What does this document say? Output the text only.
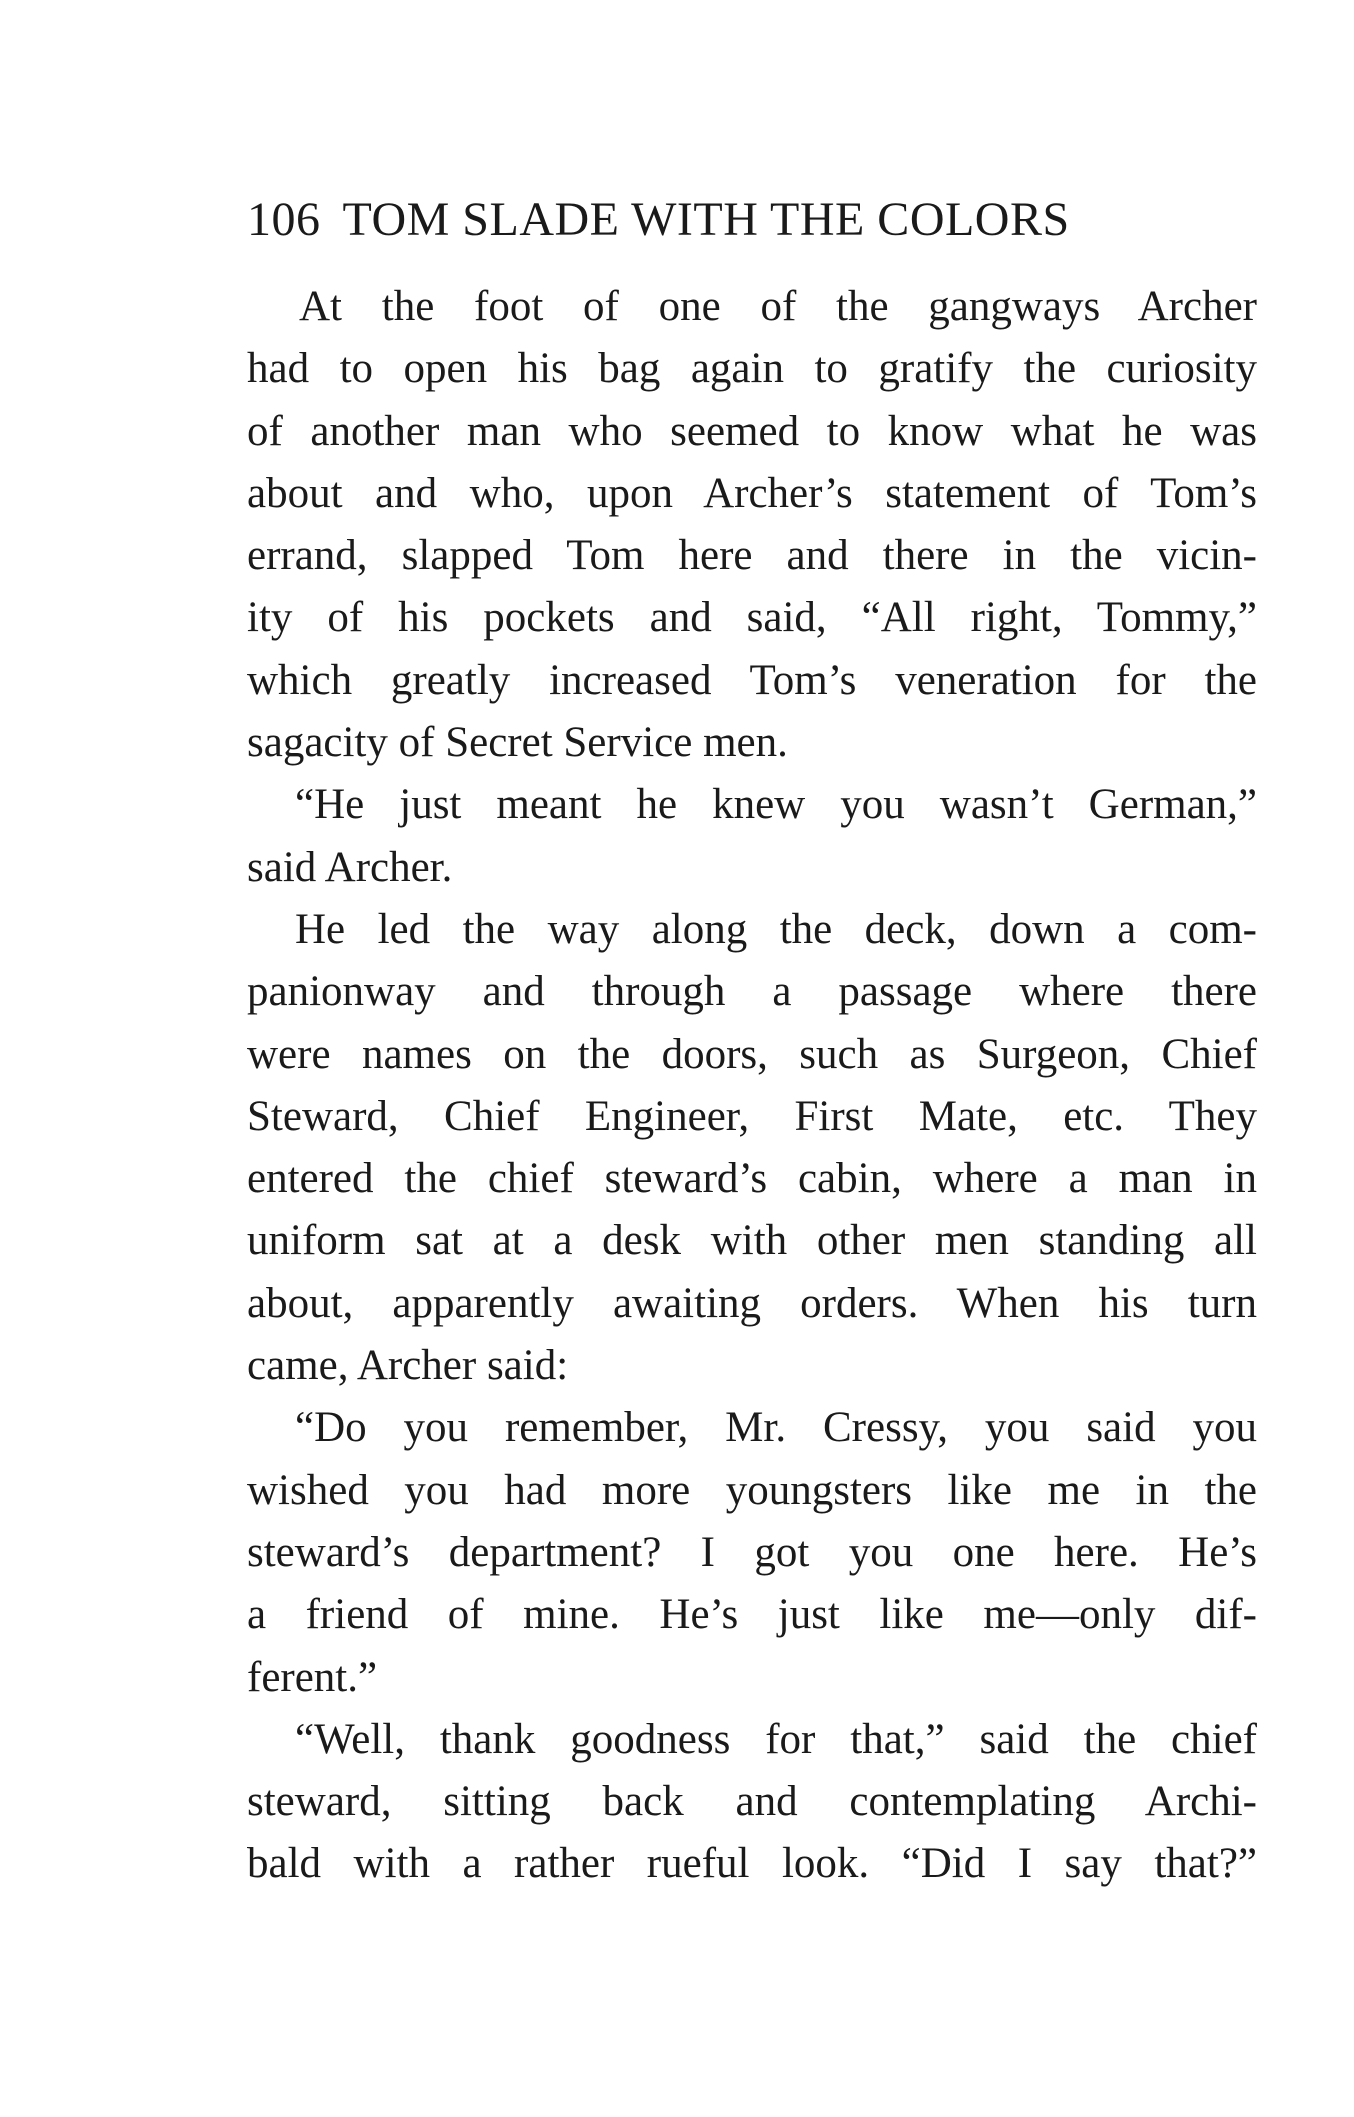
106 TOM SLADE WITH THE COLORS

At the foot of one of the gangways Archer
had to open his bag again to gratify the curiosity
of another man who seemed to know what he was
about and who, upon Archer’s statement of Tom’s
errand, slapped Tom here and there in the vicin-
ity of his pockets and said, “All right, Tommy,”
which greatly increased Tom’s veneration for the

sagacity of Secret Service men.

“He just meant he knew you wasn’t German,”

said Archer.

He led the way along the deck, down a com-
panionway and through a passage where there
were names on the doors, such as Surgeon, Chief
Steward, Chief Engineer, First Mate, etc. They
entered the chief steward’s cabin, where a man in
uniform sat at a desk with other men standing all
about, apparently awaiting orders. When his turn

came, Archer said:

“Do you remember, Mr. Cressy, you said you
wished you had more youngsters like me in the
steward’s department? I got you one here. He’s
a friend of mine. He’s just like me—only dif-

ferent.”

“Well, thank goodness for that,” said the chief
steward, sitting back and contemplating Archi-

bald with a rather rueful look. “Did I say that?”
